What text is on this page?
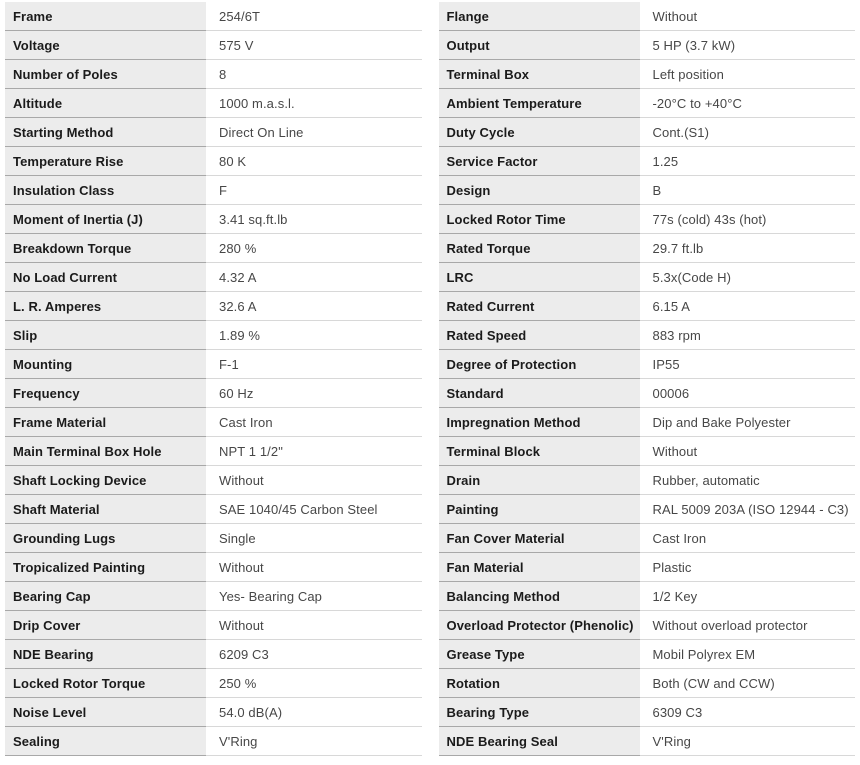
Frame	254/6T
Voltage	575 V
Number of Poles	8
Altitude	1000 m.a.s.l.
Starting Method	Direct On Line
Temperature Rise	80 K
Insulation Class	F
Moment of Inertia (J)	3.41 sq.ft.lb
Breakdown Torque	280 %
No Load Current	4.32 A
L. R. Amperes	32.6 A
Slip	1.89 %
Mounting	F-1
Frequency	60 Hz
Frame Material	Cast Iron
Main Terminal Box Hole	NPT 1 1/2"
Shaft Locking Device	Without
Shaft Material	SAE 1040/45 Carbon Steel
Grounding Lugs	Single
Tropicalized Painting	Without
Bearing Cap	Yes- Bearing Cap
Drip Cover	Without
NDE Bearing	6209 C3
Locked Rotor Torque	250 %
Noise Level	54.0 dB(A)
Sealing	V'Ring
Flange	Without
Output	5 HP (3.7 kW)
Terminal Box	Left position
Ambient Temperature	-20°C to +40°C
Duty Cycle	Cont.(S1)
Service Factor	1.25
Design	B
Locked Rotor Time	77s (cold) 43s (hot)
Rated Torque	29.7 ft.lb
LRC	5.3x(Code H)
Rated Current	6.15 A
Rated Speed	883 rpm
Degree of Protection	IP55
Standard	00006
Impregnation Method	Dip and Bake Polyester
Terminal Block	Without
Drain	Rubber, automatic
Painting	RAL 5009 203A (ISO 12944 - C3)
Fan Cover Material	Cast Iron
Fan Material	Plastic
Balancing Method	1/2 Key
Overload Protector (Phenolic)	Without overload protector
Grease Type	Mobil Polyrex EM
Rotation	Both (CW and CCW)
Bearing Type	6309 C3
NDE Bearing Seal	V'Ring
